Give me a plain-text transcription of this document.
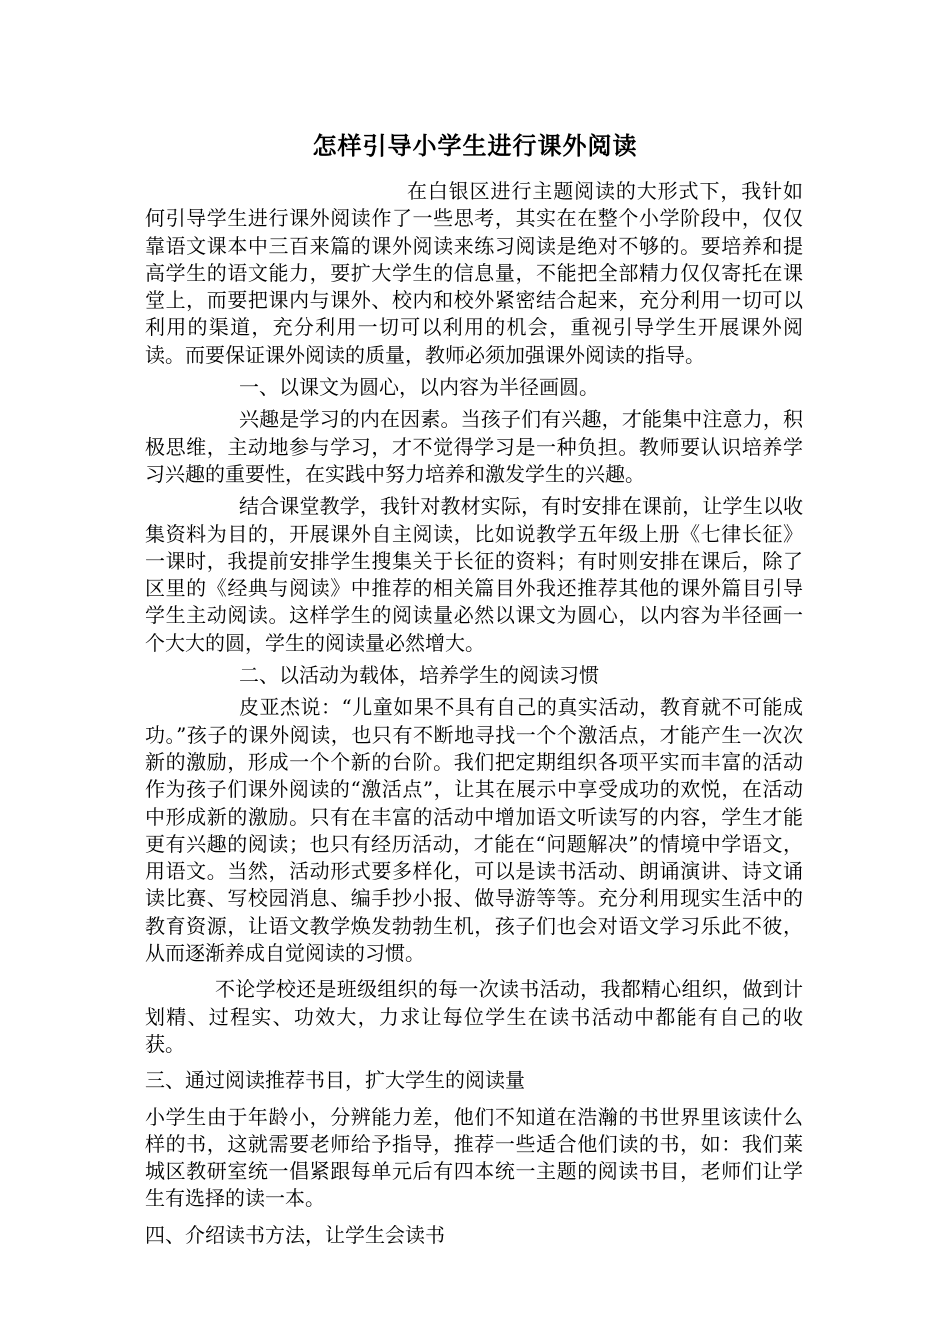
怎样引导小学生进行课外阅读

在白银区进行主题阅读的大形式下，我针如何引导学生进行课外阅读作了一些思考，其实在在整个小学阶段中，仅仅靠语文课本中三百来篇的课外阅读来练习阅读是绝对不够的。要培养和提高学生的语文能力，要扩大学生的信息量，不能把全部精力仅仅寄托在课堂上，而要把课内与课外、校内和校外紧密结合起来，充分利用一切可以利用的渠道，充分利用一切可以利用的机会，重视引导学生开展课外阅读。而要保证课外阅读的质量，教师必须加强课外阅读的指导。

一、以课文为圆心，以内容为半径画圆。

兴趣是学习的内在因素。当孩子们有兴趣，才能集中注意力，积极思维，主动地参与学习，才不觉得学习是一种负担。教师要认识培养学习兴趣的重要性，在实践中努力培养和激发学生的兴趣。

结合课堂教学，我针对教材实际，有时安排在课前，让学生以收集资料为目的，开展课外自主阅读，比如说教学五年级上册《七律长征》一课时，我提前安排学生搜集关于长征的资料；有时则安排在课后，除了区里的《经典与阅读》中推荐的相关篇目外我还推荐其他的课外篇目引导学生主动阅读。这样学生的阅读量必然以课文为圆心，以内容为半径画一个大大的圆，学生的阅读量必然增大。

二、以活动为载体，培养学生的阅读习惯

皮亚杰说：“儿童如果不具有自己的真实活动，教育就不可能成功。”孩子的课外阅读，也只有不断地寻找一个个激活点，才能产生一次次新的激励，形成一个个新的台阶。我们把定期组织各项平实而丰富的活动作为孩子们课外阅读的“激活点”，让其在展示中享受成功的欢悦，在活动中形成新的激励。只有在丰富的活动中增加语文听读写的内容，学生才能更有兴趣的阅读；也只有经历活动，才能在“问题解决”的情境中学语文，用语文。当然，活动形式要多样化，可以是读书活动、朗诵演讲、诗文诵读比赛、写校园消息、编手抄小报、做导游等等。充分利用现实生活中的教育资源，让语文教学焕发勃勃生机，孩子们也会对语文学习乐此不彼，从而逐渐养成自觉阅读的习惯。

不论学校还是班级组织的每一次读书活动，我都精心组织，做到计划精、过程实、功效大，力求让每位学生在读书活动中都能有自己的收获。

三、通过阅读推荐书目，扩大学生的阅读量

小学生由于年龄小，分辨能力差，他们不知道在浩瀚的书世界里该读什么样的书，这就需要老师给予指导，推荐一些适合他们读的书，如：我们莱城区教研室统一倡紧跟每单元后有四本统一主题的阅读书目，老师们让学生有选择的读一本。

四、介绍读书方法，让学生会读书
